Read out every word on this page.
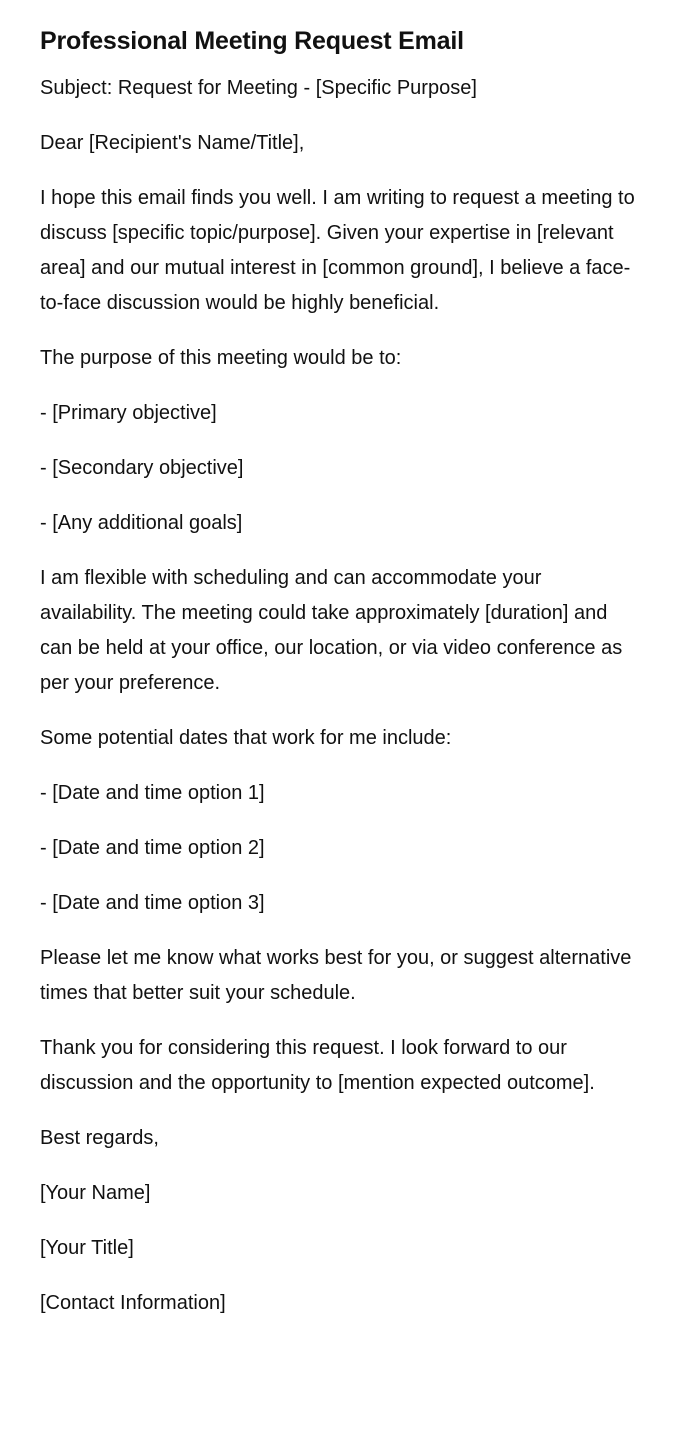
Professional Meeting Request Email

Subject: Request for Meeting - [Specific Purpose]

Dear [Recipient's Name/Title],

I hope this email finds you well. I am writing to request a meeting to discuss [specific topic/purpose]. Given your expertise in [relevant area] and our mutual interest in [common ground], I believe a face-to-face discussion would be highly beneficial.

The purpose of this meeting would be to:

- [Primary objective]

- [Secondary objective]

- [Any additional goals]

I am flexible with scheduling and can accommodate your availability. The meeting could take approximately [duration] and can be held at your office, our location, or via video conference as per your preference.

Some potential dates that work for me include:

- [Date and time option 1]

- [Date and time option 2]

- [Date and time option 3]

Please let me know what works best for you, or suggest alternative times that better suit your schedule.

Thank you for considering this request. I look forward to our discussion and the opportunity to [mention expected outcome].

Best regards,

[Your Name]

[Your Title]

[Contact Information]
